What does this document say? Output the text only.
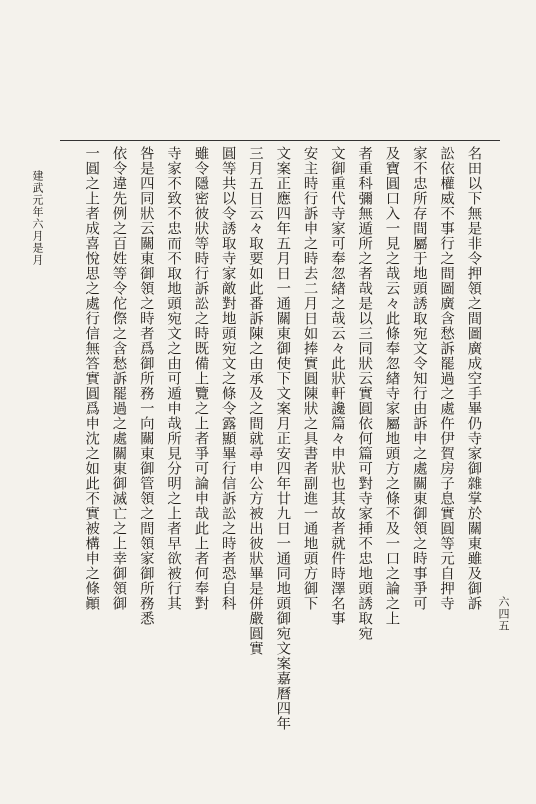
建武元年六月是月
六四五
名田以下無是非令押領之間圖廣成空手畢仍寺家御雜掌於關東雖及御訴
訟依權威不事行之間圖廣含愁訴罷過之處仵伊賀房子息實圓等元自押寺
家不忠所存間屬于地頭誘取宛文令知行由訴申之處關東御領之時事爭可
及寶圓口入一見之哉云々此條奉忽緖寺家屬地頭方之條不及一口之論之上
者重科彌無遁所之者哉是以三同狀云實圓依何篇可對寺家挿不忠地頭誘取宛
文御重代寺家可奉忽緖之哉云々此狀軒讒篇々申狀也其故者就件時澤名事
安主時行訴申之時去二月日如捧實圓陳狀之具書者副進一通地頭方御下
文案正應四年五月日一通關東御使下文案月正安四年廿九日一通同地頭御宛文案嘉曆四年
三月五日云々取要如此番訴陳之由承及之間就尋申公方被出彼狀畢是併嚴圓實
圓等共以令誘取寺家敵對地頭宛文之條令露顯畢行信訴訟之時者恐自科
雖令隱密彼狀等時行訴訟之時既備上覽之上者爭可論申哉此上者何奉對
寺家不致不忠而不取地頭宛文之由可遁申哉所見分明之上者早欲被行其
咎是四同狀云關東御領之時者爲御所務一向關東御管領之間領家御所務悉
依令違先例之百姓等令佗傺之含愁訴罷過之處關東御滅亡之上幸御領御
一圓之上者成喜悅思之處行信無答實圓爲申沈之如此不實被構申之條顚
